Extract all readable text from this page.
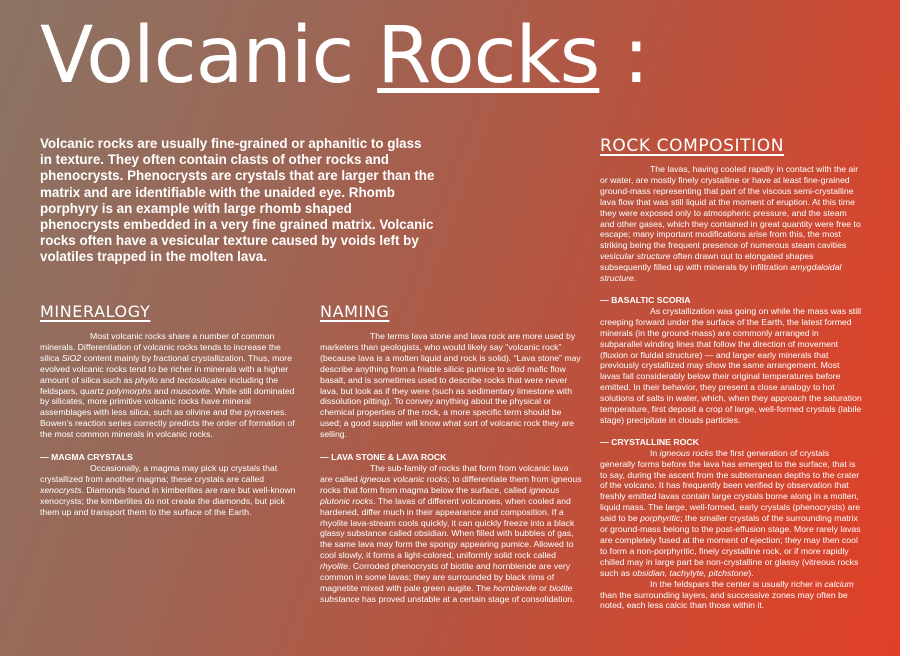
Volcanic Rocks :

Volcanic rocks are usually fine-grained or aphanitic to glass in texture. They often contain clasts of other rocks and phenocrysts. Phenocrysts are crystals that are larger than the matrix and are identifiable with the unaided eye. Rhomb porphyry is an example with large rhomb shaped phenocrysts embedded in a very fine grained matrix. Volcanic rocks often have a vesicular texture caused by voids left by volatiles trapped in the molten lava.

MINERALOGY

Most volcanic rocks share a number of common minerals. Differentiation of volcanic rocks tends to increase the silica SiO2 content mainly by fractional crystallization. Thus, more evolved volcanic rocks tend to be richer in minerals with a higher amount of silica such as phyllo and tectosilicates including the feldspars, quartz polymorphs and muscovite. While still dominated by silicates, more primitive volcanic rocks have mineral assemblages with less silica, such as olivine and the pyroxenes. Bowen's reaction series correctly predicts the order of formation of the most common minerals in volcanic rocks.

— MAGMA CRYSTALS

Occasionally, a magma may pick up crystals that crystallized from another magma; these crystals are called xenocrysts. Diamonds found in kimberlites are rare but well-known xenocrysts; the kimberlites do not create the diamonds, but pick them up and transport them to the surface of the Earth.

NAMING

The terms lava stone and lava rock are more used by marketers than geologists, who would likely say “volcanic rock” (because lava is a molten liquid and rock is solid). “Lava stone” may describe anything from a friable silicic pumice to solid mafic flow basalt, and is sometimes used to describe rocks that were never lava, but look as if they were (such as sedimentary limestone with dissolution pitting). To convey anything about the physical or chemical properties of the rock, a more specific term should be used; a good supplier will know what sort of volcanic rock they are selling.

— LAVA STONE & LAVA ROCK

The sub-family of rocks that form from volcanic lava are called igneous volcanic rocks; to differentiate them from igneous rocks that form from magma below the surface, called igneous plutonic rocks. The lavas of different volcanoes, when cooled and hardened, differ much in their appearance and composition. If a rhyolite lava-stream cools quickly, it can quickly freeze into a black glassy substance called obsidian. When filled with bubbles of gas, the same lava may form the spongy appearing pumice. Allowed to cool slowly, it forms a light-colored, uniformly solid rock called rhyolite. Corroded phenocrysts of biotite and hornblende are very common in some lavas; they are surrounded by black rims of magnetite mixed with pale green augite. The hornblende or biotite substance has proved unstable at a certain stage of consolidation.

ROCK COMPOSITION

The lavas, having cooled rapidly in contact with the air or water, are mostly finely crystalline or have at least fine-grained ground-mass representing that part of the viscous semi-crystalline lava flow that was still liquid at the moment of eruption. At this time they were exposed only to atmospheric pressure, and the steam and other gases, which they contained in great quantity were free to escape; many important modifications arise from this, the most striking being the frequent presence of numerous steam cavities vesicular structure often drawn out to elongated shapes subsequently filled up with minerals by infiltration amygdaloidal structure.

— BASALTIC SCORIA

As crystallization was going on while the mass was still creeping forward under the surface of the Earth, the latest formed minerals (in the ground-mass) are commonly arranged in subparallel winding lines that follow the direction of movement (fluxion or fluidal structure) — and larger early minerals that previously crystallized may show the same arrangement. Most lavas fall considerably below their original temperatures before emitted. In their behavior, they present a close analogy to hot solutions of salts in water, which, when they approach the saturation temperature, first deposit a crop of large, well-formed crystals (labile stage) precipitate in clouds particles.

— CRYSTALLINE ROCK

In igneous rocks the first generation of crystals generally forms before the lava has emerged to the surface, that is to say, during the ascent from the subterranean depths to the crater of the volcano. It has frequently been verified by observation that freshly emitted lavas contain large crystals borne along in a molten, liquid mass. The large, well-formed, early crystals (phenocrysts) are said to be porphyritic; the smaller crystals of the surrounding matrix or ground-mass belong to the post-effusion stage. More rarely lavas are completely fused at the moment of ejection; they may then cool to form a non-porphyritic, finely crystalline rock, or if more rapidly chilled may in large part be non-crystalline or glassy (vitreous rocks such as obsidian, tachylyte, pitchstone).

In the feldspars the center is usually richer in calcium than the surrounding layers, and successive zones may often be noted, each less calcic than those within it.
